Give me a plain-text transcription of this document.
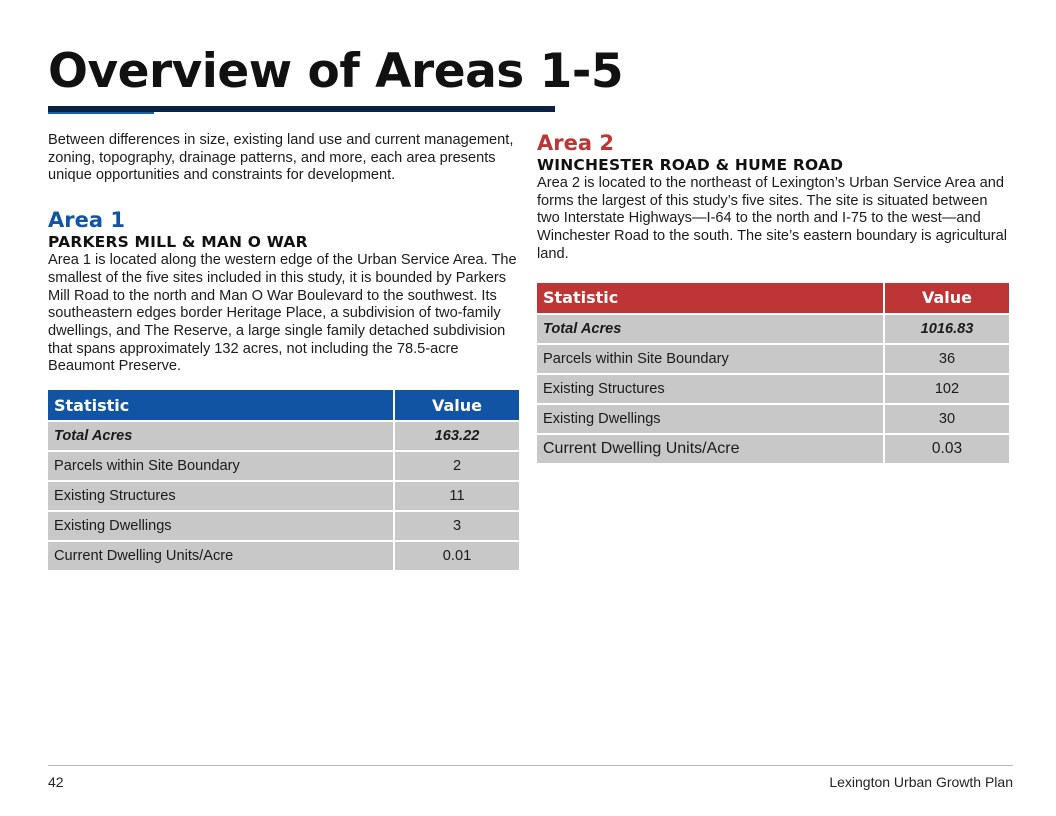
Overview of Areas 1-5

Between differences in size, existing land use and current management, zoning, topography, drainage patterns, and more, each area presents unique opportunities and constraints for development.

Area 1
PARKERS MILL & MAN O WAR

Area 1 is located along the western edge of the Urban Service Area. The smallest of the five sites included in this study, it is bounded by Parkers Mill Road to the north and Man O War Boulevard to the southwest. Its southeastern edges border Heritage Place, a subdivision of two-family dwellings, and The Reserve, a large single family detached subdivision that spans approximately 132 acres, not including the 78.5-acre Beaumont Preserve.

Statistic	Value
Total Acres	163.22
Parcels within Site Boundary	2
Existing Structures	11
Existing Dwellings	3
Current Dwelling Units/Acre	0.01
Area 2
WINCHESTER ROAD & HUME ROAD

Area 2 is located to the northeast of Lexington’s Urban Service Area and forms the largest of this study’s five sites. The site is situated between two Interstate Highways—I-64 to the north and I-75 to the west—and Winchester Road to the south. The site’s eastern boundary is agricultural land.

Statistic	Value
Total Acres	1016.83
Parcels within Site Boundary	36
Existing Structures	102
Existing Dwellings	30
Current Dwelling Units/Acre	0.03
42	Lexington Urban Growth Plan
